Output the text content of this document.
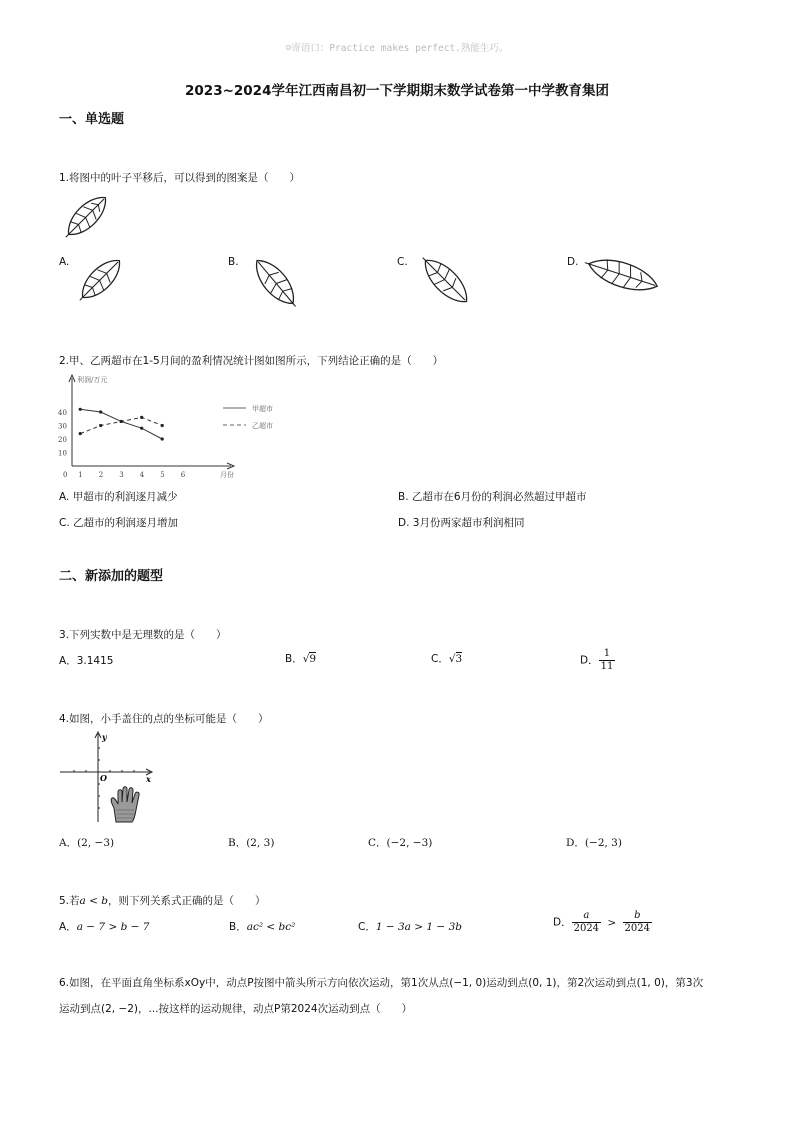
☺寄语口：Practice makes perfect.熟能生巧。
2023~2024学年江西南昌初一下学期期末数学试卷第一中学教育集团
一、单选题
1.将图中的叶子平移后，可以得到的图案是（　　）
A.	B.	C.	D.
2.甲、乙两超市在1-5月间的盈利情况统计图如图所示，下列结论正确的是（　　）
0
10
20
30
40
1 2 3 4 5 6
利润/万元
月份
甲超市
乙超市
A. 甲超市的利润逐月减少	B. 乙超市在6月份的利润必然超过甲超市
C. 乙超市的利润逐月增加	D. 3月份两家超市利润相同
二、新添加的题型
3.下列实数中是无理数的是（　　）
A．3.1415	B．√9	C．√3	D． $\frac{1}{11}$
4.如图，小手盖住的点的坐标可能是（　　）
y
O	x
A．(2, −3)	B．(2, 3)	C．(−2, −3)	D．(−2, 3)
5.若a < b，则下列关系式正确的是（　　）
A．a − 7 > b − 7	B．ac² < bc²	C．1 − 3a > 1 − 3b	D． $\frac{a}{2024} > \frac{b}{2024}$
6.如图，在平面直角坐标系xOy中，动点P按图中箭头所示方向依次运动，第1次从点(−1, 0)运动到点(0, 1)，第2次运动到点(1, 0)，第3次
运动到点(2, −2)，...按这样的运动规律，动点P第2024次运动到点（　　）
